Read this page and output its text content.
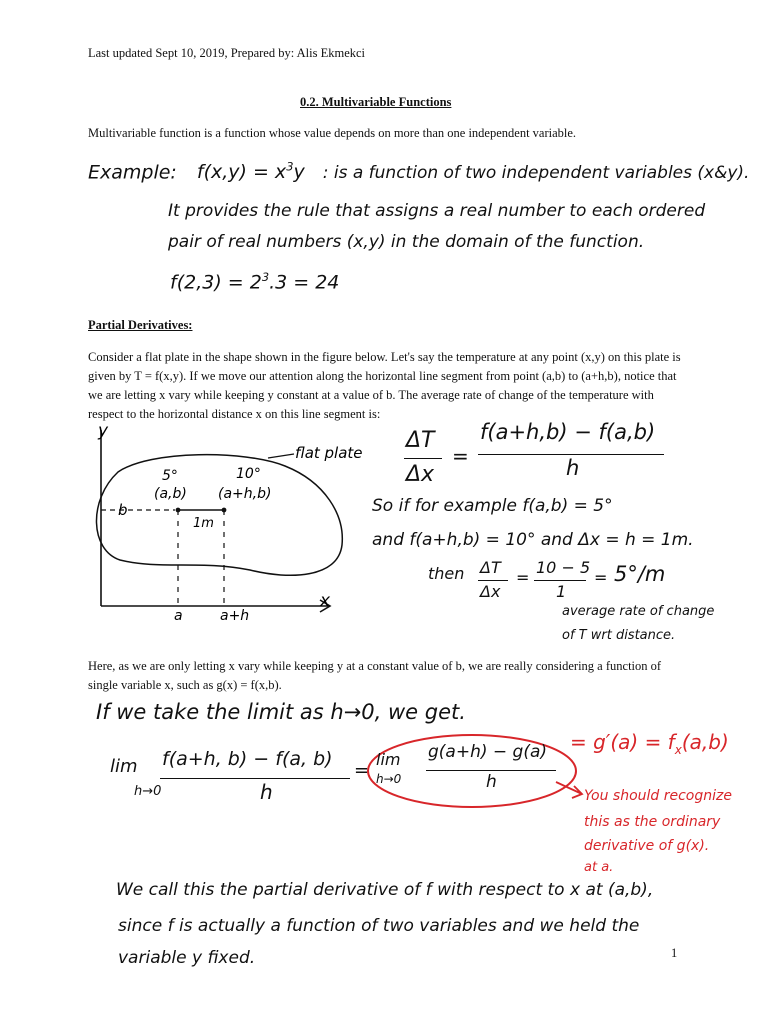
Last updated Sept 10, 2019, Prepared by: Alis Ekmekci
0.2. Multivariable Functions
Multivariable function is a function whose value depends on more than one independent variable.
Example: $f(x,y) = x^3y$ : is a function of two independent variables (x&y).
It provides the rule that assigns a real number to each ordered
pair of real numbers (x,y) in the domain of the function.
$f(2,3) = 2^3.3 = 24$
Partial Derivatives:
Consider a flat plate in the shape shown in the figure below. Let's say the temperature at any point (x,y) on this plate is given by T = f(x,y). If we move our attention along the horizontal line segment from point (a,b) to (a+h,b), notice that we are letting x vary while keeping y constant at a value of b. The average rate of change of the temperature with respect to the horizontal distance x on this line segment is:
y
x
5°
(a,b)
10°
(a+h,b)
1m
b
a	a+h
flat plate ΔT
Δx
=
f(a+h,b) − f(a,b)
h
So if for example f(a,b) = 5°
and f(a+h,b) = 10° and Δx = h = 1m.
then ΔT
Δx
=
10 − 5
1
= 5°/m
average rate of change
of T wrt distance.
Here, as we are only letting x vary while keeping y at a constant value of b, we are really considering a function of single variable x, such as g(x) = f(x,b).
If we take the limit as h→0, we get.
lim
h→0
f(a+h, b) − f(a, b)
h
=
lim
h→0
g(a+h) − g(a)
h
= $g'(a) = f_x(a,b)$
You should recognize
this as the ordinary
derivative of g(x).
at a.
We call this the partial derivative of f with respect to x at (a,b),
since f is actually a function of two variables and we held the
variable y fixed.	1
